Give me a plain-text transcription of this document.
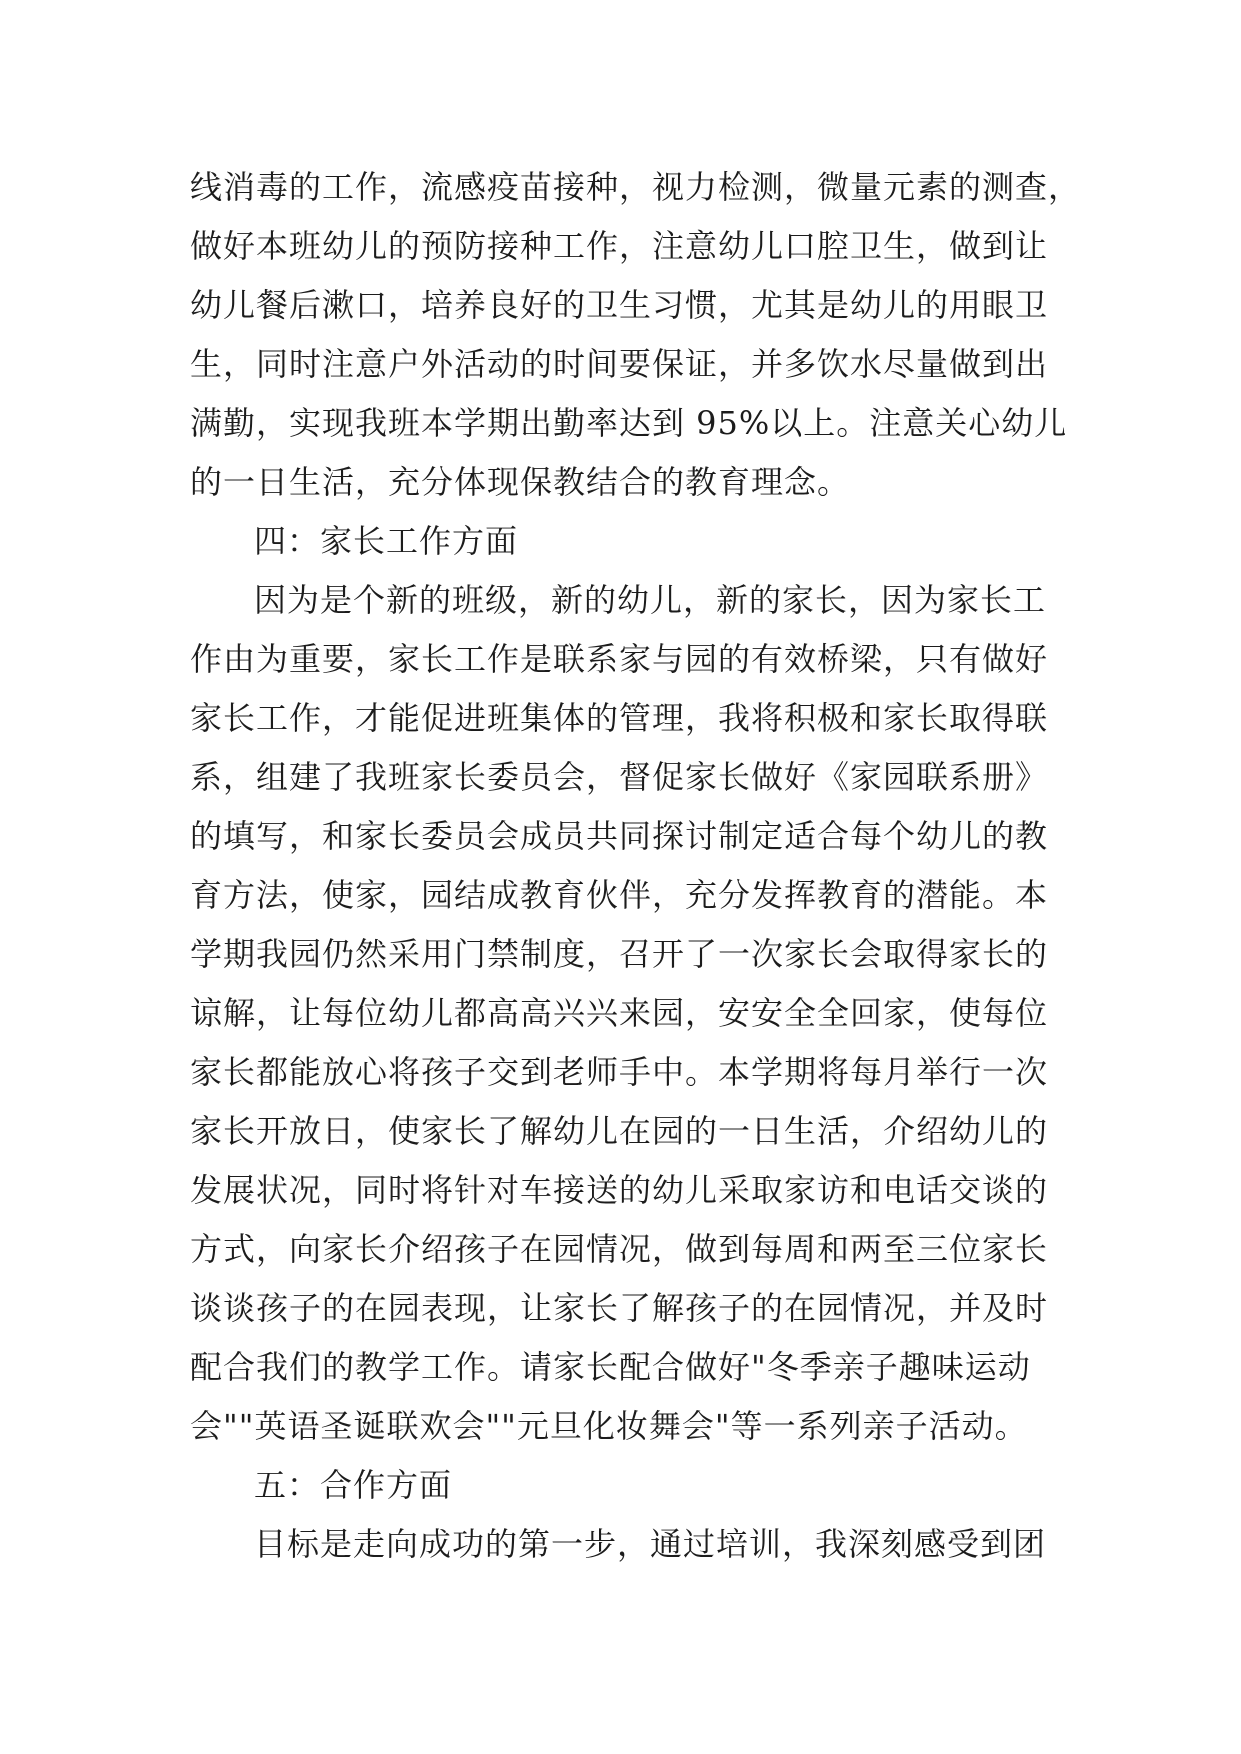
线消毒的工作，流感疫苗接种，视力检测，微量元素的测查，
做好本班幼儿的预防接种工作，注意幼儿口腔卫生，做到让
幼儿餐后漱口，培养良好的卫生习惯，尤其是幼儿的用眼卫
生，同时注意户外活动的时间要保证，并多饮水尽量做到出
满勤，实现我班本学期出勤率达到 95%以上。注意关心幼儿
的一日生活，充分体现保教结合的教育理念。
四：家长工作方面
因为是个新的班级，新的幼儿，新的家长，因为家长工
作由为重要，家长工作是联系家与园的有效桥梁，只有做好
家长工作，才能促进班集体的管理，我将积极和家长取得联
系，组建了我班家长委员会，督促家长做好《家园联系册》
的填写，和家长委员会成员共同探讨制定适合每个幼儿的教
育方法，使家，园结成教育伙伴，充分发挥教育的潜能。本
学期我园仍然采用门禁制度，召开了一次家长会取得家长的
谅解，让每位幼儿都高高兴兴来园，安安全全回家，使每位
家长都能放心将孩子交到老师手中。本学期将每月举行一次
家长开放日，使家长了解幼儿在园的一日生活，介绍幼儿的
发展状况，同时将针对车接送的幼儿采取家访和电话交谈的
方式，向家长介绍孩子在园情况，做到每周和两至三位家长
谈谈孩子的在园表现，让家长了解孩子的在园情况，并及时
配合我们的教学工作。请家长配合做好"冬季亲子趣味运动
会""英语圣诞联欢会""元旦化妆舞会"等一系列亲子活动。
五：合作方面
目标是走向成功的第一步，通过培训，我深刻感受到团
